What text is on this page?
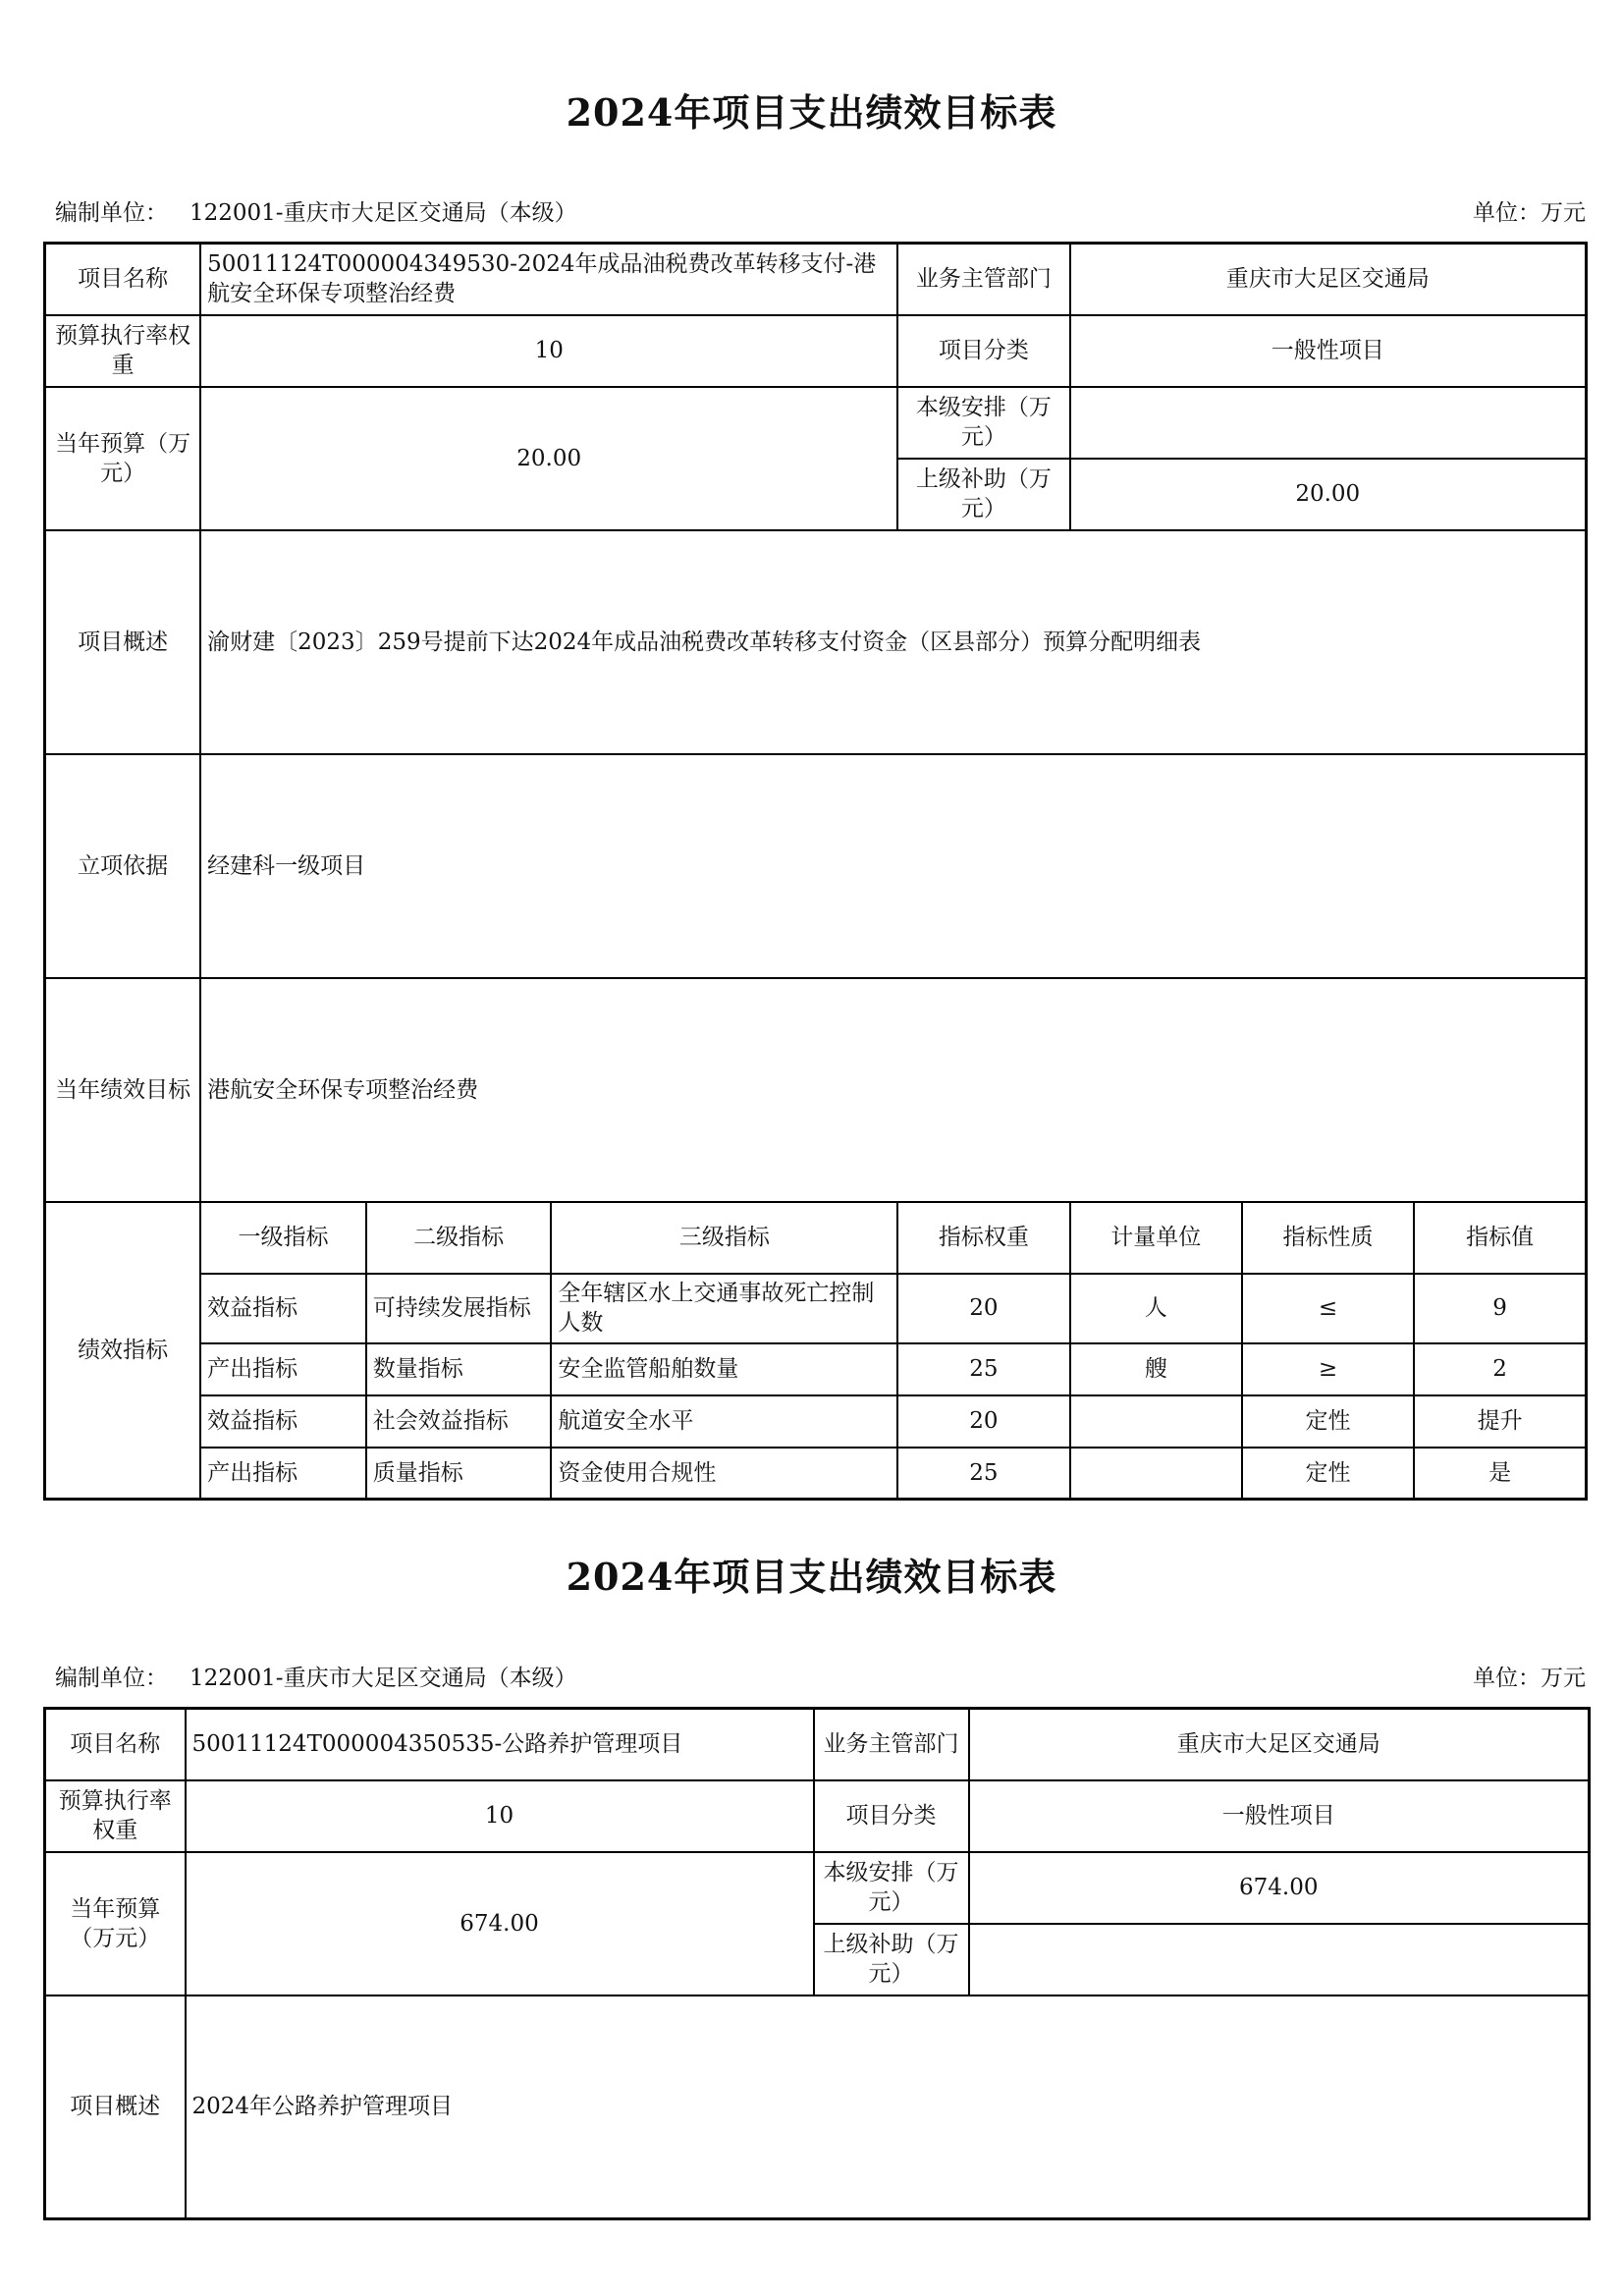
2024年项目支出绩效目标表
编制单位： 122001-重庆市大足区交通局（本级）	单位：万元
项目名称	50011124T000004349530-2024年成品油税费改革转移支付-港航安全环保专项整治经费			业务主管部门	重庆市大足区交通局		
预算执行率权重	10			项目分类	一般性项目		
当年预算（万元）	20.00			本级安排（万元）			
				上级补助（万元）	20.00		
项目概述	渝财建〔2023〕259号提前下达2024年成品油税费改革转移支付资金（区县部分）预算分配明细表						
立项依据	经建科一级项目						
当年绩效目标	港航安全环保专项整治经费						
绩效指标	一级指标	二级指标	三级指标	指标权重	计量单位	指标性质	指标值
	效益指标	可持续发展指标	全年辖区水上交通事故死亡控制人数	20	人	≤	9
	产出指标	数量指标	安全监管船舶数量	25	艘	≥	2
	效益指标	社会效益指标	航道安全水平	20		定性	提升
	产出指标	质量指标	资金使用合规性	25		定性	是
2024年项目支出绩效目标表
编制单位： 122001-重庆市大足区交通局（本级）	单位：万元
项目名称	50011124T000004350535-公路养护管理项目	业务主管部门	重庆市大足区交通局
预算执行率权重	10	项目分类	一般性项目
当年预算（万元）	674.00	本级安排（万元）	674.00
		上级补助（万元）	
项目概述	2024年公路养护管理项目		
